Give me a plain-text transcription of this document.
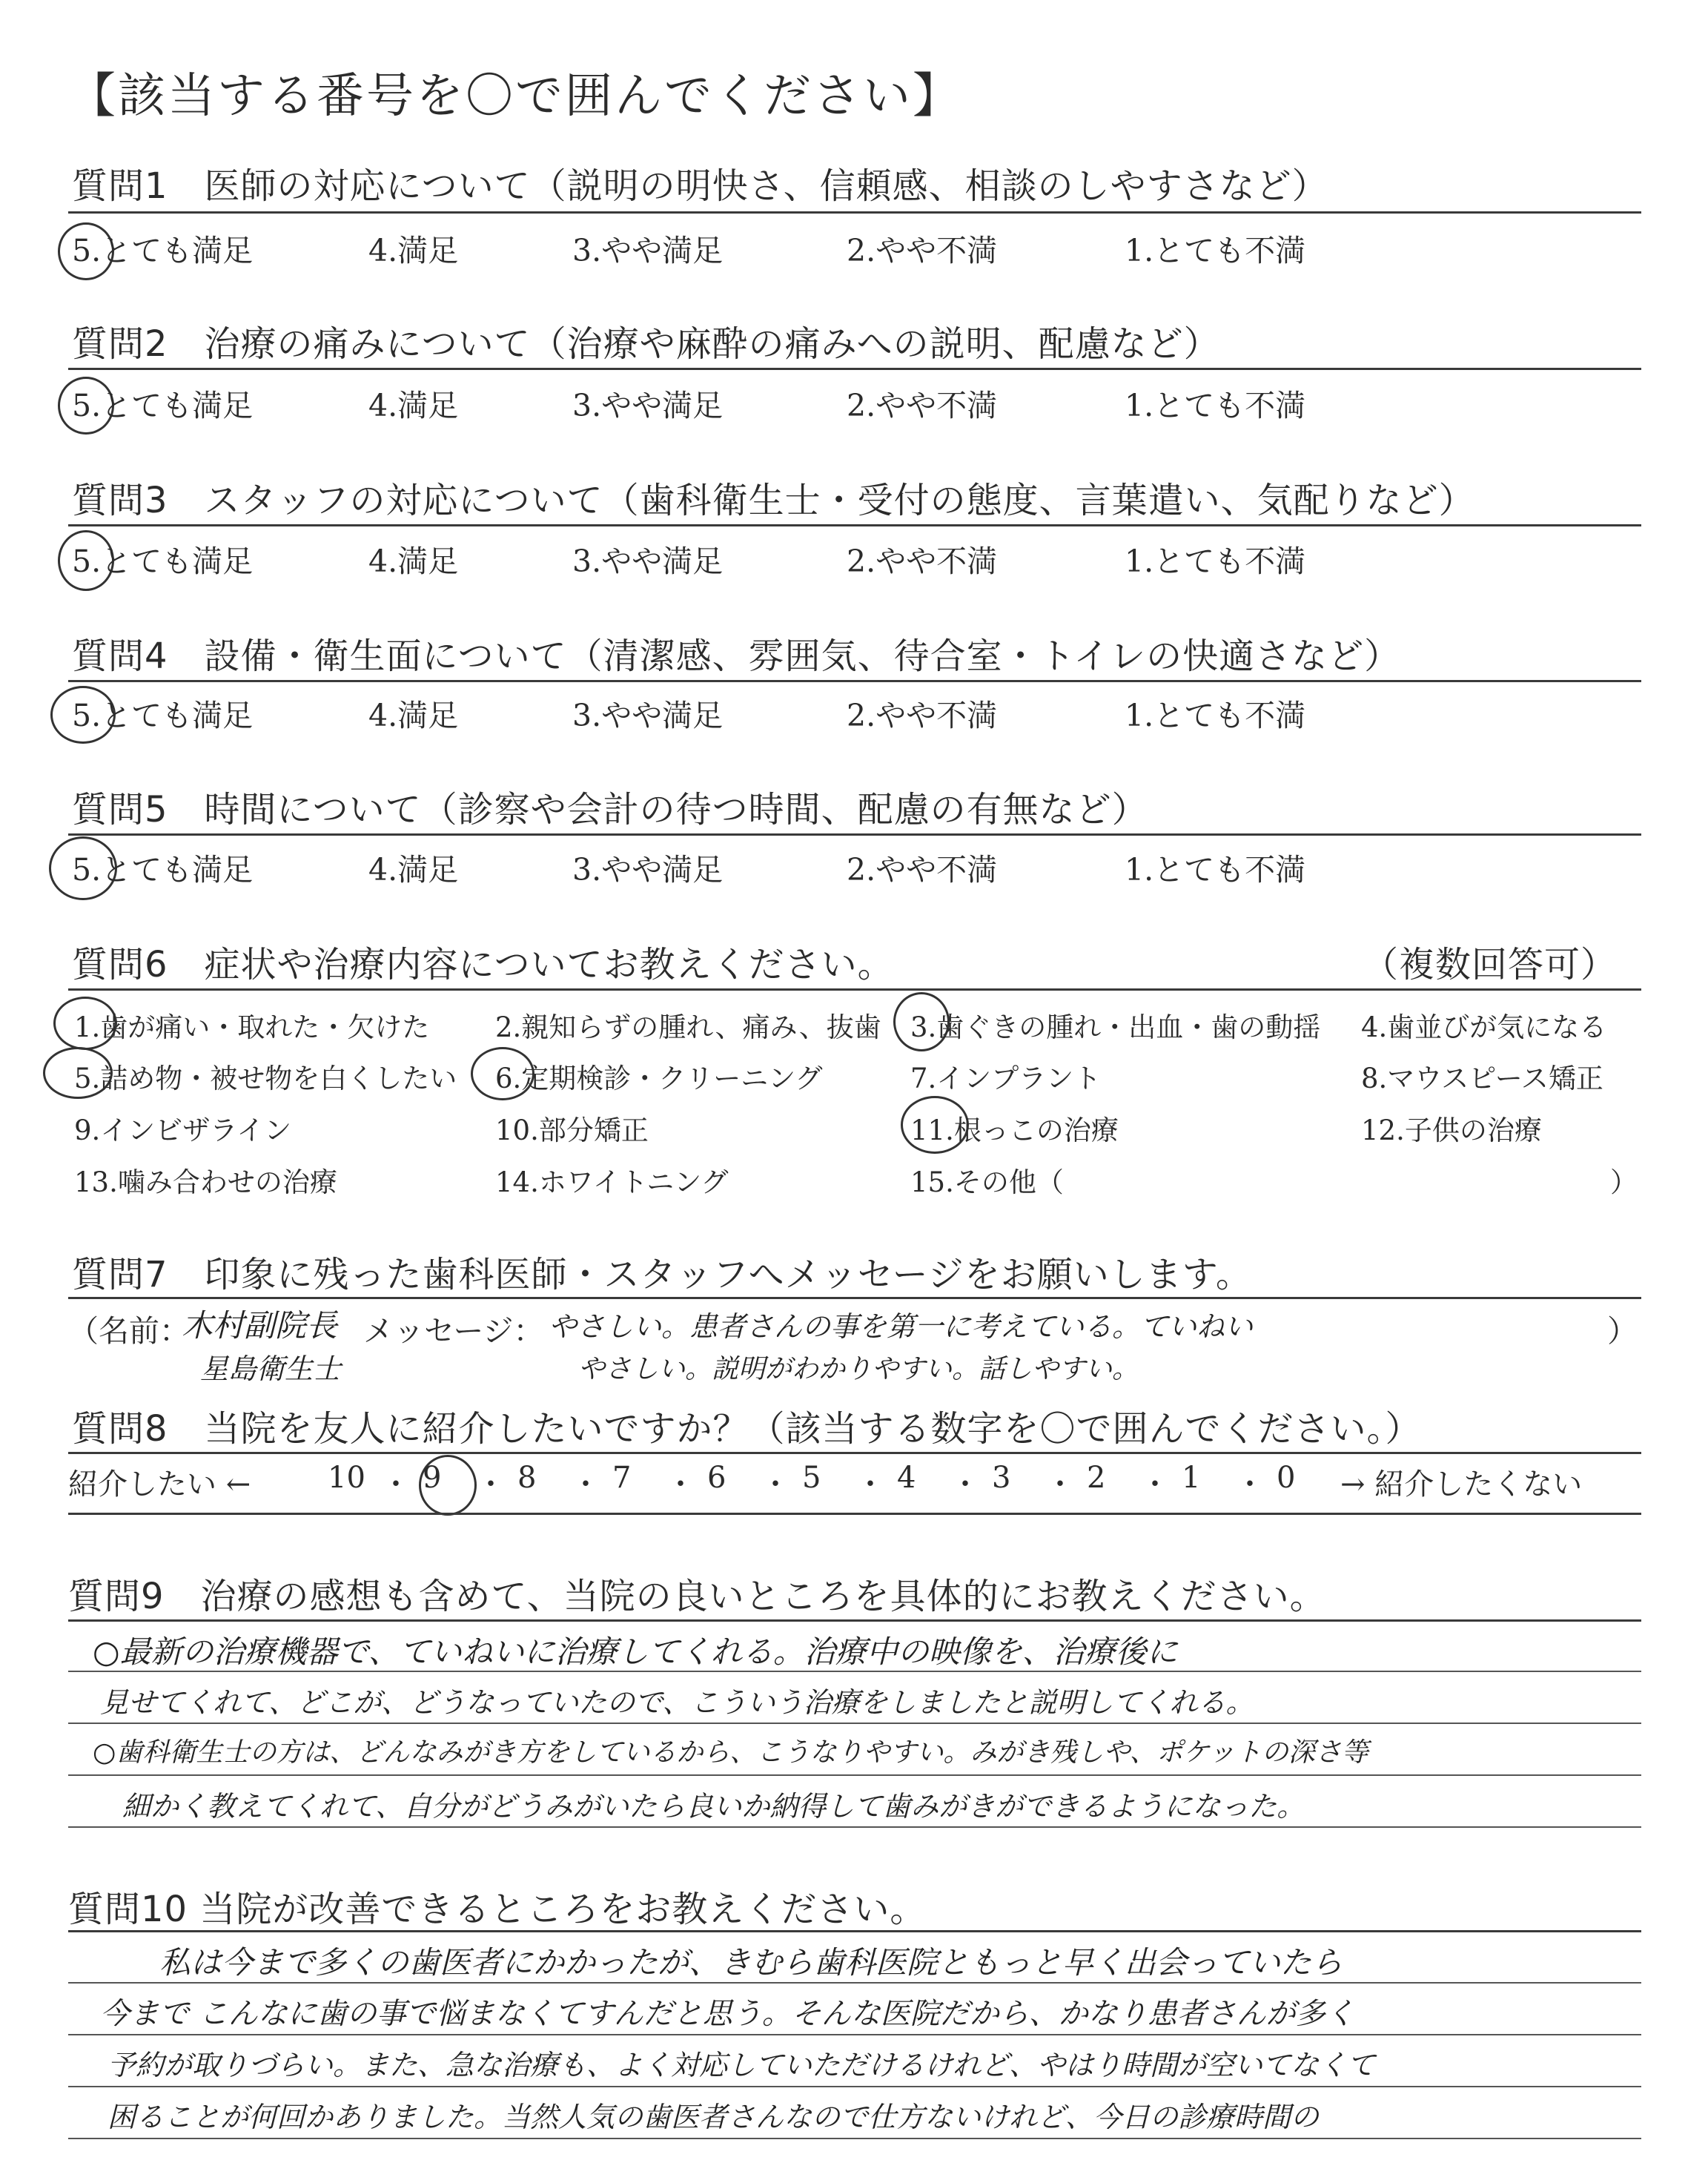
【該当する番号を〇で囲んでください】
質問1　医師の対応について（説明の明快さ、信頼感、相談のしやすさなど）
5.とても満足	4.満足	3.やや満足	2.やや不満	1.とても不満
質問2　治療の痛みについて（治療や麻酔の痛みへの説明、配慮など）
5.とても満足	4.満足	3.やや満足	2.やや不満	1.とても不満
質問3　スタッフの対応について（歯科衛生士・受付の態度、言葉遣い、気配りなど）
5.とても満足	4.満足	3.やや満足	2.やや不満	1.とても不満
質問4　設備・衛生面について（清潔感、雰囲気、待合室・トイレの快適さなど）
5.とても満足	4.満足	3.やや満足	2.やや不満	1.とても不満
質問5　時間について（診察や会計の待つ時間、配慮の有無など）
5.とても満足	4.満足	3.やや満足	2.やや不満	1.とても不満
質問6　症状や治療内容についてお教えください。	（複数回答可）
1.歯が痛い・取れた・欠けた 2.親知らずの腫れ、痛み、抜歯 3.歯ぐきの腫れ・出血・歯の動揺 4.歯並びが気になる
5.詰め物・被せ物を白くしたい 6.定期検診・クリーニング	7.インプラント	8.マウスピース矯正
9.インビザライン	10.部分矯正	11.根っこの治療	12.子供の治療
13.噛み合わせの治療	14.ホワイトニング	15.その他（	）
質問7　印象に残った歯科医師・スタッフへメッセージをお願いします。
（名前：
木村副院長
星島衛生士
メッセージ： やさしい。患者さんの事を第一に考えている。ていねい
やさしい。説明がわかりやすい。話しやすい。
）
質問8　当院を友人に紹介したいですか？（該当する数字を〇で囲んでください。）
紹介したい ←	10 ・ 9 ・ 8 ・ 7 ・ 6 ・ 5 ・ 4 ・ 3 ・ 2 ・ 1 ・ 0 → 紹介したくない
質問9　治療の感想も含めて、当院の良いところを具体的にお教えください。
○最新の治療機器で、ていねいに治療してくれる。治療中の映像を、治療後に
見せてくれて、どこが、どうなっていたので、こういう治療をしましたと説明してくれる。
○歯科衛生士の方は、どんなみがき方をしているから、こうなりやすい。みがき残しや、ポケットの深さ等
細かく教えてくれて、自分がどうみがいたら良いか納得して歯みがきができるようになった。
質問10 当院が改善できるところをお教えください。
私は今まで多くの歯医者にかかったが、きむら歯科医院ともっと早く出会っていたら
今まで こんなに歯の事で悩まなくてすんだと思う。そんな医院だから、かなり患者さんが多く
予約が取りづらい。また、急な治療も、よく対応していただけるけれど、やはり時間が空いてなくて
困ることが何回かありました。当然人気の歯医者さんなので仕方ないけれど、今日の診療時間の
